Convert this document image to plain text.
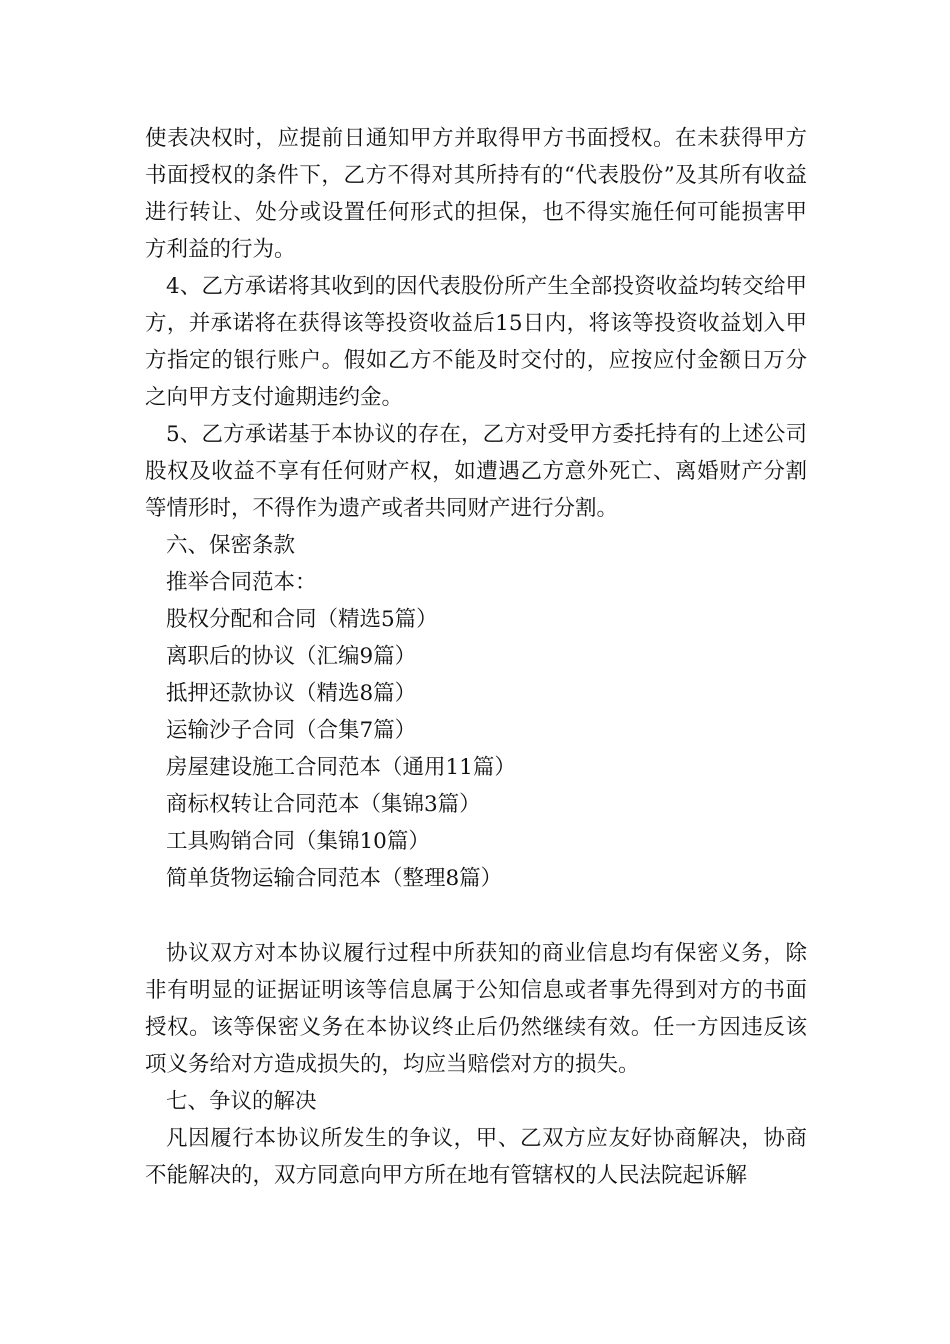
使表决权时，应提前日通知甲方并取得甲方书面授权。在未获得甲方书面授权的条件下，乙方不得对其所持有的“代表股份”及其所有收益进行转让、处分或设置任何形式的担保，也不得实施任何可能损害甲方利益的行为。

4、乙方承诺将其收到的因代表股份所产生全部投资收益均转交给甲方，并承诺将在获得该等投资收益后15日内，将该等投资收益划入甲方指定的银行账户。假如乙方不能及时交付的，应按应付金额日万分之向甲方支付逾期违约金。

5、乙方承诺基于本协议的存在，乙方对受甲方委托持有的上述公司股权及收益不享有任何财产权，如遭遇乙方意外死亡、离婚财产分割等情形时，不得作为遗产或者共同财产进行分割。

六、保密条款

推举合同范本：

股权分配和合同（精选5篇）

离职后的协议（汇编9篇）

抵押还款协议（精选8篇）

运输沙子合同（合集7篇）

房屋建设施工合同范本（通用11篇）

商标权转让合同范本（集锦3篇）

工具购销合同（集锦10篇）

简单货物运输合同范本（整理8篇）

协议双方对本协议履行过程中所获知的商业信息均有保密义务，除非有明显的证据证明该等信息属于公知信息或者事先得到对方的书面授权。该等保密义务在本协议终止后仍然继续有效。任一方因违反该项义务给对方造成损失的，均应当赔偿对方的损失。

七、争议的解决

凡因履行本协议所发生的争议，甲、乙双方应友好协商解决，协商不能解决的，双方同意向甲方所在地有管辖权的人民法院起诉解
